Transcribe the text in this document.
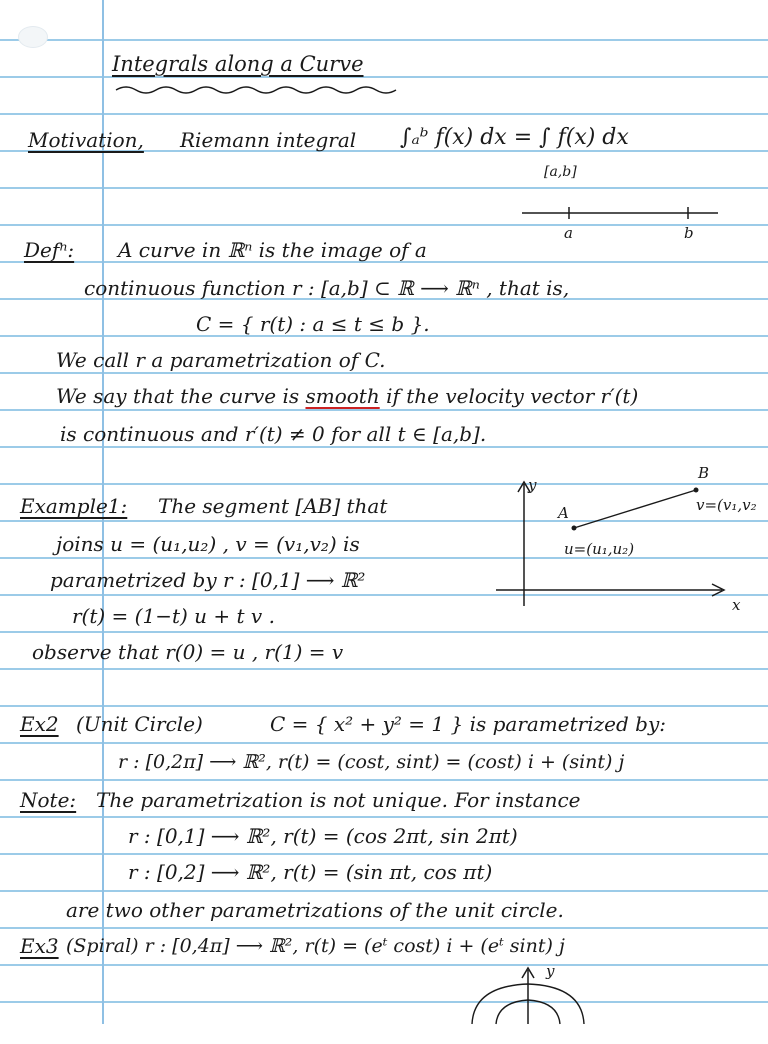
Integrals along a Curve
Motivation, Riemann integral ∫ₐᵇ f(x) dx = ∫ f(x) dx
[a,b]
a	b
Defⁿ: A curve in ℝⁿ is the image of a
continuous function r : [a,b] ⊂ ℝ ⟶ ℝⁿ , that is,
C = { r(t) : a ≤ t ≤ b }.
We call r a parametrization of C.
We say that the curve is smooth if the velocity vector r′(t)
is continuous and r′(t) ≠ 0 for all t ∈ [a,b].
Example1: The segment [AB] that
joins u = (u₁,u₂) , v = (v₁,v₂) is
parametrized by r : [0,1] ⟶ ℝ²
r(t) = (1−t) u + t v .
observe that r(0) = u , r(1) = v
y
x
A
B
u=(u₁,u₂)
v=(v₁,v₂
Ex2 (Unit Circle)	C = { x² + y² = 1 } is parametrized by:
r : [0,2π] ⟶ ℝ², r(t) = (cost, sint) = (cost) i + (sint) j
Note: The parametrization is not unique. For instance
r : [0,1] ⟶ ℝ², r(t) = (cos 2πt, sin 2πt)
r : [0,2] ⟶ ℝ², r(t) = (sin πt, cos πt)
are two other parametrizations of the unit circle.
Ex3 (Spiral) r : [0,4π] ⟶ ℝ², r(t) = (eᵗ cost) i + (eᵗ sint) j
y
